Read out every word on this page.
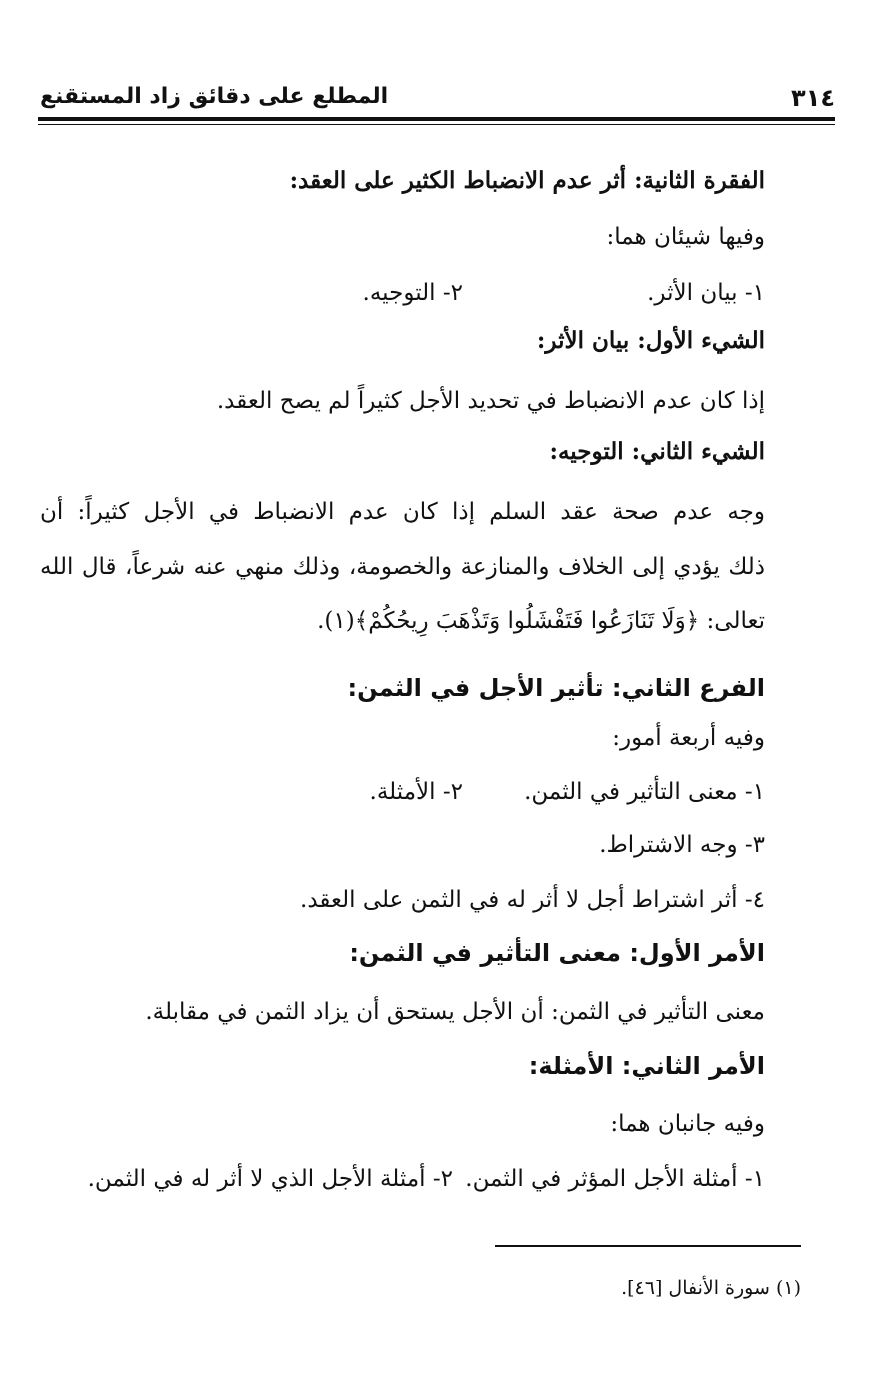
٣١٤
المطلع على دقائق زاد المستقنع
الفقرة الثانية: أثر عدم الانضباط الكثير على العقد:
وفيها شيئان هما:
١- بيان الأثر.
٢- التوجيه.
الشيء الأول: بيان الأثر:
إذا كان عدم الانضباط في تحديد الأجل كثيراً لم يصح العقد.
الشيء الثاني: التوجيه:
وجه عدم صحة عقد السلم إذا كان عدم الانضباط في الأجل كثيراً: أن
ذلك يؤدي إلى الخلاف والمنازعة والخصومة، وذلك منهي عنه شرعاً، قال الله
تعالى: ﴿وَلَا تَنَازَعُوا فَتَفْشَلُوا وَتَذْهَبَ رِيحُكُمْ﴾(١).
الفرع الثاني: تأثير الأجل في الثمن:
وفيه أربعة أمور:
١- معنى التأثير في الثمن.
٢- الأمثلة.
٣- وجه الاشتراط.
٤- أثر اشتراط أجل لا أثر له في الثمن على العقد.
الأمر الأول: معنى التأثير في الثمن:
معنى التأثير في الثمن: أن الأجل يستحق أن يزاد الثمن في مقابلة.
الأمر الثاني: الأمثلة:
وفيه جانبان هما:
١- أمثلة الأجل المؤثر في الثمن.
٢- أمثلة الأجل الذي لا أثر له في الثمن.
(١) سورة الأنفال [٤٦].
